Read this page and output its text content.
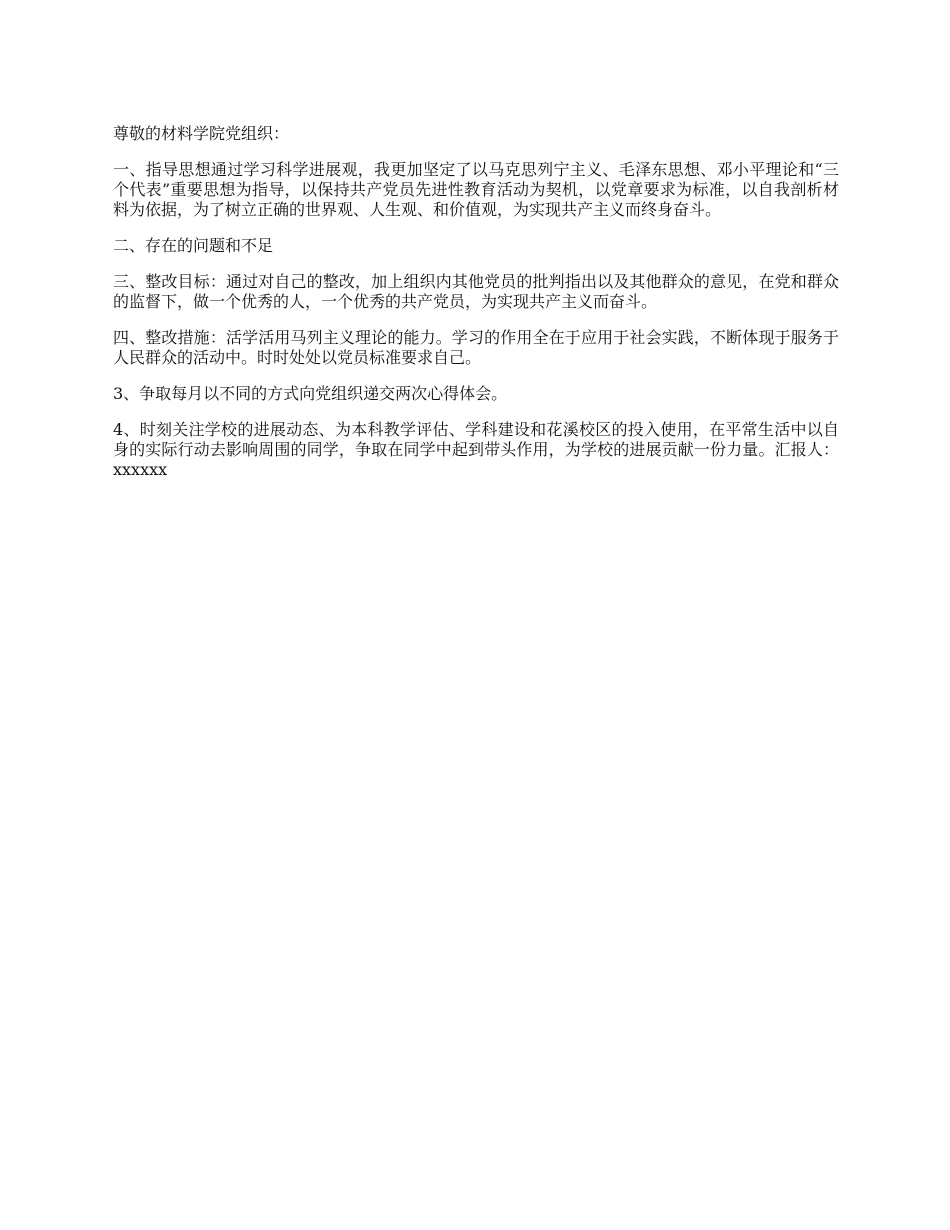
尊敬的材料学院党组织：

一、指导思想通过学习科学进展观，我更加坚定了以马克思列宁主义、毛泽东思想、邓小平理论和“三个代表”重要思想为指导，以保持共产党员先进性教育活动为契机，以党章要求为标准，以自我剖析材料为依据，为了树立正确的世界观、人生观、和价值观，为实现共产主义而终身奋斗。

二、存在的问题和不足

三、整改目标：通过对自己的整改，加上组织内其他党员的批判指出以及其他群众的意见，在党和群众的监督下，做一个优秀的人，一个优秀的共产党员，为实现共产主义而奋斗。

四、整改措施：活学活用马列主义理论的能力。学习的作用全在于应用于社会实践，不断体现于服务于人民群众的活动中。时时处处以党员标准要求自己。

3、争取每月以不同的方式向党组织递交两次心得体会。

4、时刻关注学校的进展动态、为本科教学评估、学科建设和花溪校区的投入使用，在平常生活中以自身的实际行动去影响周围的同学，争取在同学中起到带头作用，为学校的进展贡献一份力量。汇报人：xxxxxx
